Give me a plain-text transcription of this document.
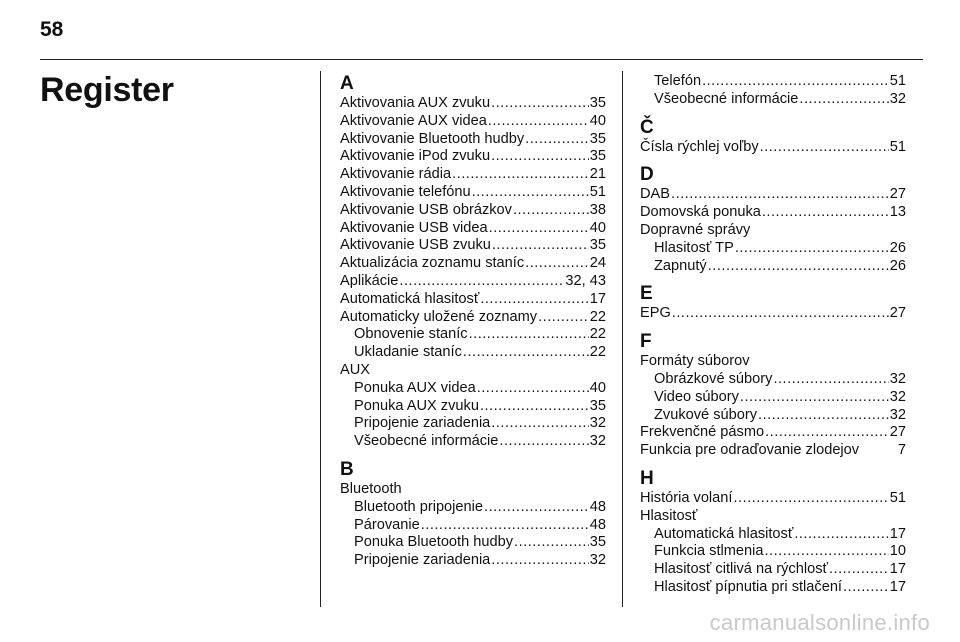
58
Register	A
Aktivovania AUX zvuku .....	35
Aktivovanie AUX videa .....	40
Aktivovanie Bluetooth hudby .....	35
Aktivovanie iPod zvuku .....	35
Aktivovanie rádia .....	21
Aktivovanie telefónu .....	51
Aktivovanie USB obrázkov .....	38
Aktivovanie USB videa .....	40
Aktivovanie USB zvuku .....	35
Aktualizácia zoznamu staníc .....	24
Aplikácie .....	32, 43
Automatická hlasitosť .....	17
Automaticky uložené zoznamy .....	22
Obnovenie staníc .....	22
Ukladanie staníc .....	22
AUX
Ponuka AUX videa .....	40
Ponuka AUX zvuku .....	35
Pripojenie zariadenia .....	32
Všeobecné informácie .....	32
B
Bluetooth
Bluetooth pripojenie .....	48
Párovanie .....	48
Ponuka Bluetooth hudby .....	35
Pripojenie zariadenia .....	32
Telefón .....	51
Všeobecné informácie .....	32
Č
Čísla rýchlej voľby .....	51
D
DAB .....	27
Domovská ponuka .....	13
Dopravné správy
Hlasitosť TP .....	26
Zapnutý .....	26
E
EPG .....	27
F
Formáty súborov
Obrázkové súbory .....	32
Video súbory .....	32
Zvukové súbory .....	32
Frekvenčné pásmo .....	27
Funkcia pre odraďovanie zlodejov	7
H
História volaní .....	51
Hlasitosť
Automatická hlasitosť .....	17
Funkcia stlmenia .....	10
Hlasitosť citlivá na rýchlosť .....	17
Hlasitosť pípnutia pri stlačení .....	17
carmanualsonline.info
